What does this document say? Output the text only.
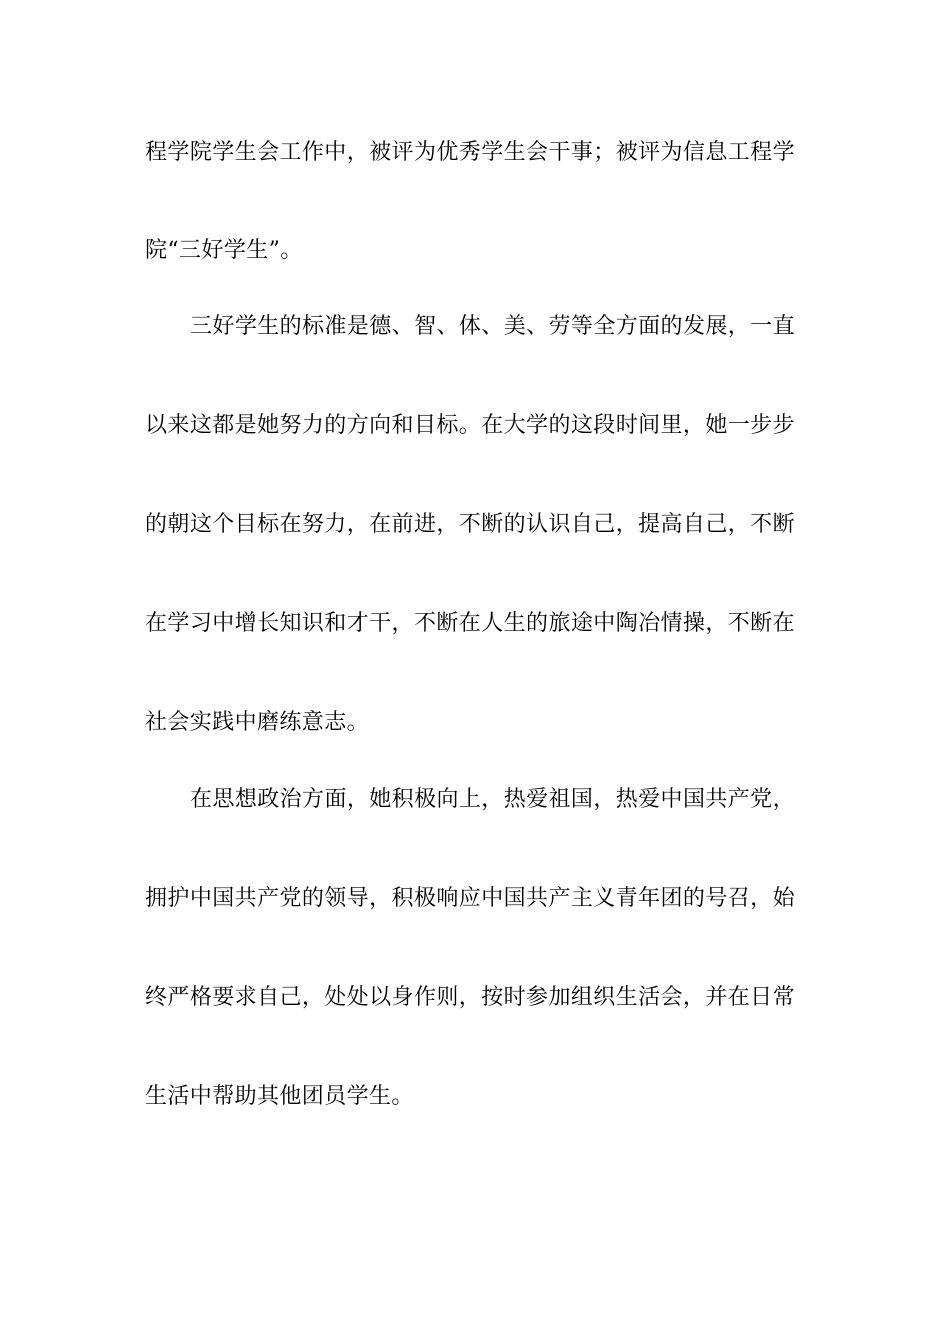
程学院学生会工作中，被评为优秀学生会干事；被评为信息工程学
院“三好学生”。
三好学生的标准是德、智、体、美、劳等全方面的发展，一直
以来这都是她努力的方向和目标。在大学的这段时间里，她一步步
的朝这个目标在努力，在前进，不断的认识自己，提高自己，不断
在学习中增长知识和才干，不断在人生的旅途中陶冶情操，不断在
社会实践中磨练意志。
在思想政治方面，她积极向上，热爱祖国，热爱中国共产党，
拥护中国共产党的领导，积极响应中国共产主义青年团的号召，始
终严格要求自己，处处以身作则，按时参加组织生活会，并在日常
生活中帮助其他团员学生。
